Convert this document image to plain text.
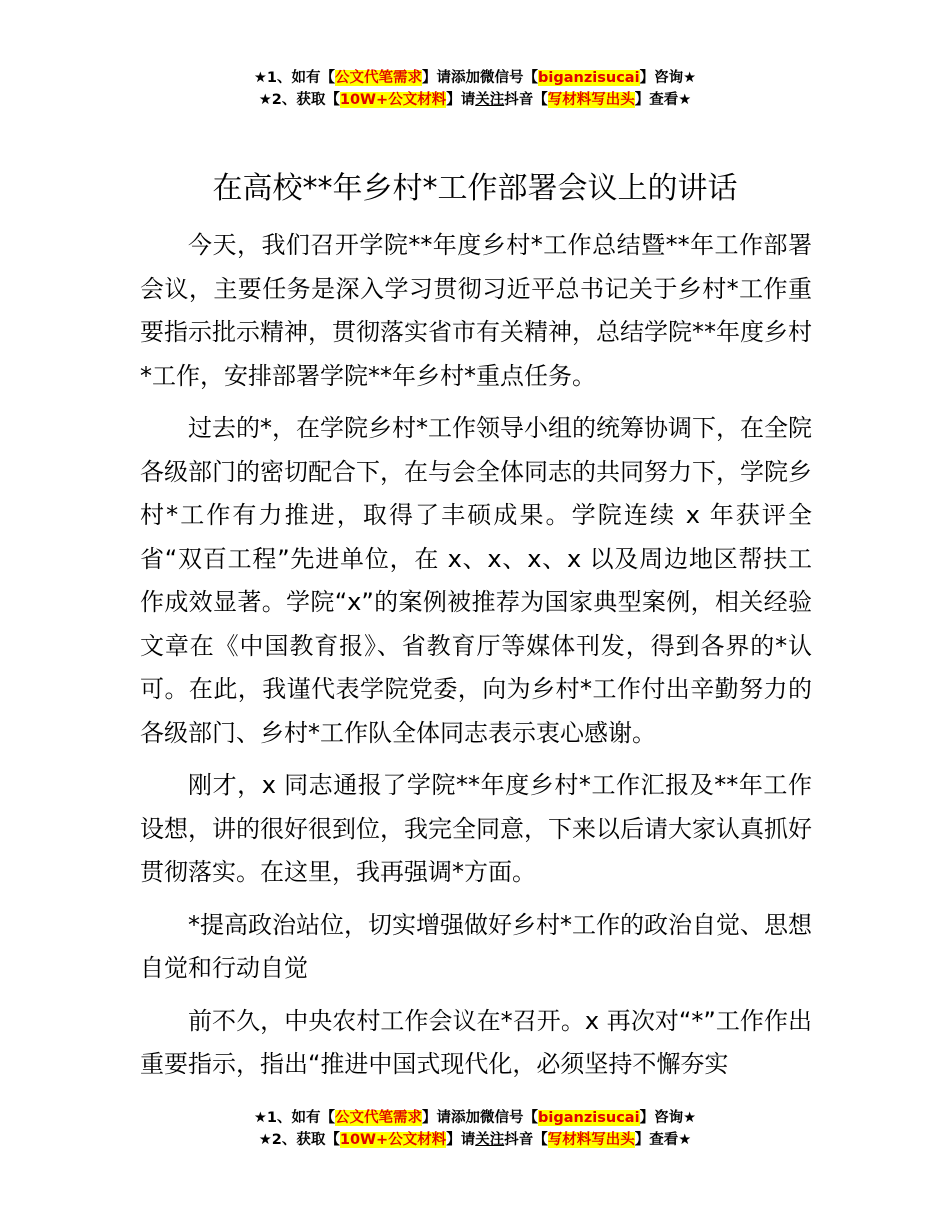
★1、如有【公文代笔需求】请添加微信号【biganzisucai】咨询★
★2、获取【10W+公文材料】请关注抖音【写材料写出头】查看★
在高校**年乡村*工作部署会议上的讲话

今天，我们召开学院**年度乡村*工作总结暨**年工作部署会议，主要任务是深入学习贯彻习近平总书记关于乡村*工作重要指示批示精神，贯彻落实省市有关精神，总结学院**年度乡村*工作，安排部署学院**年乡村*重点任务。

过去的*，在学院乡村*工作领导小组的统筹协调下，在全院各级部门的密切配合下，在与会全体同志的共同努力下，学院乡村*工作有力推进，取得了丰硕成果。学院连续 x 年获评全省“双百工程”先进单位，在 x、x、x、x 以及周边地区帮扶工作成效显著。学院“x”的案例被推荐为国家典型案例，相关经验文章在《中国教育报》、省教育厅等媒体刊发，得到各界的*认可。在此，我谨代表学院党委，向为乡村*工作付出辛勤努力的各级部门、乡村*工作队全体同志表示衷心感谢。

刚才，x 同志通报了学院**年度乡村*工作汇报及**年工作设想，讲的很好很到位，我完全同意，下来以后请大家认真抓好贯彻落实。在这里，我再强调*方面。

*提高政治站位，切实增强做好乡村*工作的政治自觉、思想自觉和行动自觉

前不久，中央农村工作会议在*召开。x 再次对“*”工作作出重要指示，指出“推进中国式现代化，必须坚持不懈夯实

★1、如有【公文代笔需求】请添加微信号【biganzisucai】咨询★
★2、获取【10W+公文材料】请关注抖音【写材料写出头】查看★
